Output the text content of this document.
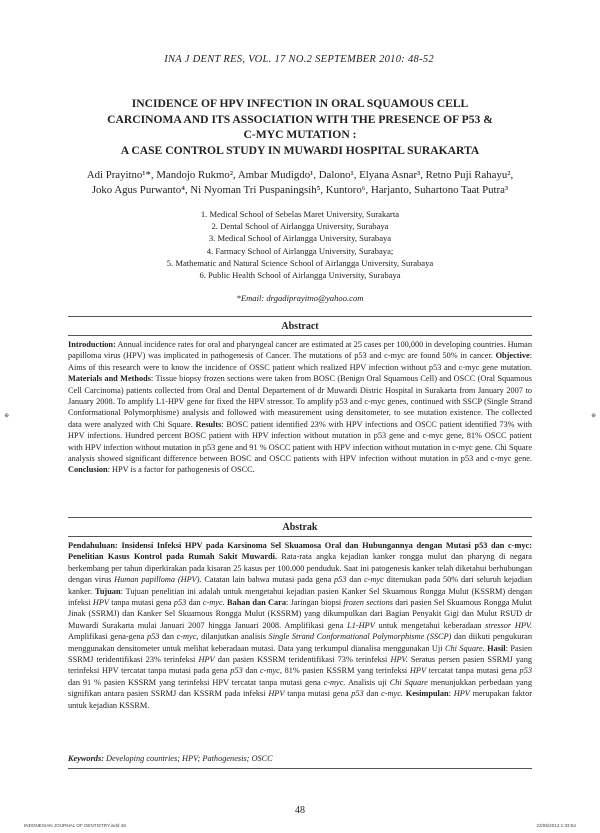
INA J DENT RES, VOL. 17 NO.2 SEPTEMBER 2010: 48-52
INCIDENCE OF HPV INFECTION IN ORAL SQUAMOUS CELL
CARCINOMA AND ITS ASSOCIATION WITH THE PRESENCE OF P53 &
C-MYC MUTATION :
A CASE CONTROL STUDY IN MUWARDI HOSPITAL SURAKARTA
Adi Prayitno¹*, Mandojo Rukmo², Ambar Mudigdo¹, Dalono¹, Elyana Asnar³, Retno Puji Rahayu²,
Joko Agus Purwanto⁴, Ni Nyoman Tri Puspaningsih⁵, Kuntoro⁶, Harjanto, Suhartono Taat Putra³
1. Medical School of Sebelas Maret University, Surakarta
2. Dental School of Airlangga University, Surabaya
3. Medical School of Airlangga University, Surabaya
4. Farmacy School of Airlangga University, Surabaya;
5. Mathematic and Natural Science School of Airlangga University, Surabaya
6. Public Health School of Airlangga University, Surabaya
*Email: drgadiprayitno@yahoo.com
Abstract
Introduction: Annual incidence rates for oral and pharyngeal cancer are estimated at 25 cases per 100,000 in developing countries. Human papilloma virus (HPV) was implicated in pathogenesis of Cancer. The mutations of p53 and c-myc are found 50% in cancer. Objective: Aims of this research were to know the incidence of OSSC patient which realized HPV infection without p53 and c-myc gene mutation. Materials and Methods: Tissue biopsy frozen sections were taken from BOSC (Benign Oral Squamous Cell) and OSCC (Oral Squamous Cell Carcinoma) patients collected from Oral and Dental Departement of dr Muwardi Distric Hospital in Surakarta from January 2007 to January 2008. To amplify L1-HPV gene for fixed the HPV stressor. To amplify p53 and c-myc genes, continued with SSCP (Single Strand Conformational Polymorphisme) analysis and followed with measurement using densitometer, to see mutation existence. The collected data were analyzed with Chi Square. Results: BOSC patient identified 23% with HPV infections and OSCC patient identified 73% with HPV infections. Hundred percent BOSC patient with HPV infection without mutation in p53 gene and c-myc gene, 81% OSCC patient with HPV infection without mutation in p53 gene and 91 % OSCC patient with HPV infection without mutation in c-myc gene. Chi Square analysis showed significant difference between BOSC and OSCC patients with HPV infection without mutation in p53 and c-myc gene. Conclusion: HPV is a factor for pathogenesis of OSCC.
Abstrak
Pendahuluan: Insidensi Infeksi HPV pada Karsinoma Sel Skuamosa Oral dan Hubungannya dengan Mutasi p53 dan c-myc: Penelitian Kasus Kontrol pada Rumah Sakit Muwardi. Rata-rata angka kejadian kanker rongga mulut dan pharyng di negara berkembang per tahun diperkirakan pada kisaran 25 kasus per 100.000 penduduk. Saat ini patogenesis kanker telah diketahui berhubungan dengan virus Human papilloma (HPV). Catatan lain bahwa mutasi pada gena p53 dan c-myc ditemukan pada 50% dari seluruh kejadian kanker. Tujuan: Tujuan penelitian ini adalah untuk mengetahui kejadian pasien Kanker Sel Skuamous Rongga Mulut (KSSRM) dengan infeksi HPV tanpa mutasi gena p53 dan c-myc. Bahan dan Cara: Jaringan biopsi frozen sections dari pasien Sel Skuamous Rongga Mulut Jinak (SSRMJ) dan Kanker Sel Skuamous Rongga Mulut (KSSRM) yang dikumpulkan dari Bagian Penyakit Gigi dan Mulut RSUD dr Muwardi Surakarta mulai Januari 2007 hingga Januari 2008. Amplifikasi gena L1-HPV untuk mengetahui keberadaan stressor HPV. Amplifikasi gena-gena p53 dan c-myc, dilanjutkan analisis Single Strand Conformational Polymorphisme (SSCP) dan diikuti pengukuran menggunakan densitometer untuk melihat keberadaan mutasi. Data yang terkumpul dianalisa menggunakan Uji Chi Square. Hasil: Pasien SSRMJ teridentifikasi 23% terinfeksi HPV dan pasien KSSRM teridentifikasi 73% terinfeksi HPV. Seratus persen pasien SSRMJ yang terinfeksi HPV tercatat tanpa mutasi pada gena p53 dan c-myc, 81% pasien KSSRM yang terinfeksi HPV tercatat tanpa mutasi gena p53 dan 91 % pasien KSSRM yang terinfeksi HPV tercatat tanpa mutasi gena c-myc. Analisis uji Chi Square menunjukkan perbedaan yang signifikan antara pasien SSRMJ dan KSSRM pada infeksi HPV tanpa mutasi gena p53 dan c-myc. Kesimpulan: HPV merupakan faktor untuk kejadian KSSRM.
Keywords: Developing countries; HPV; Pathogenesis; OSCC
48
INDONESIAN JOURNAL OF DENTISTRY.indd 48	22/06/2012 1:33:54
⊕	⊕
